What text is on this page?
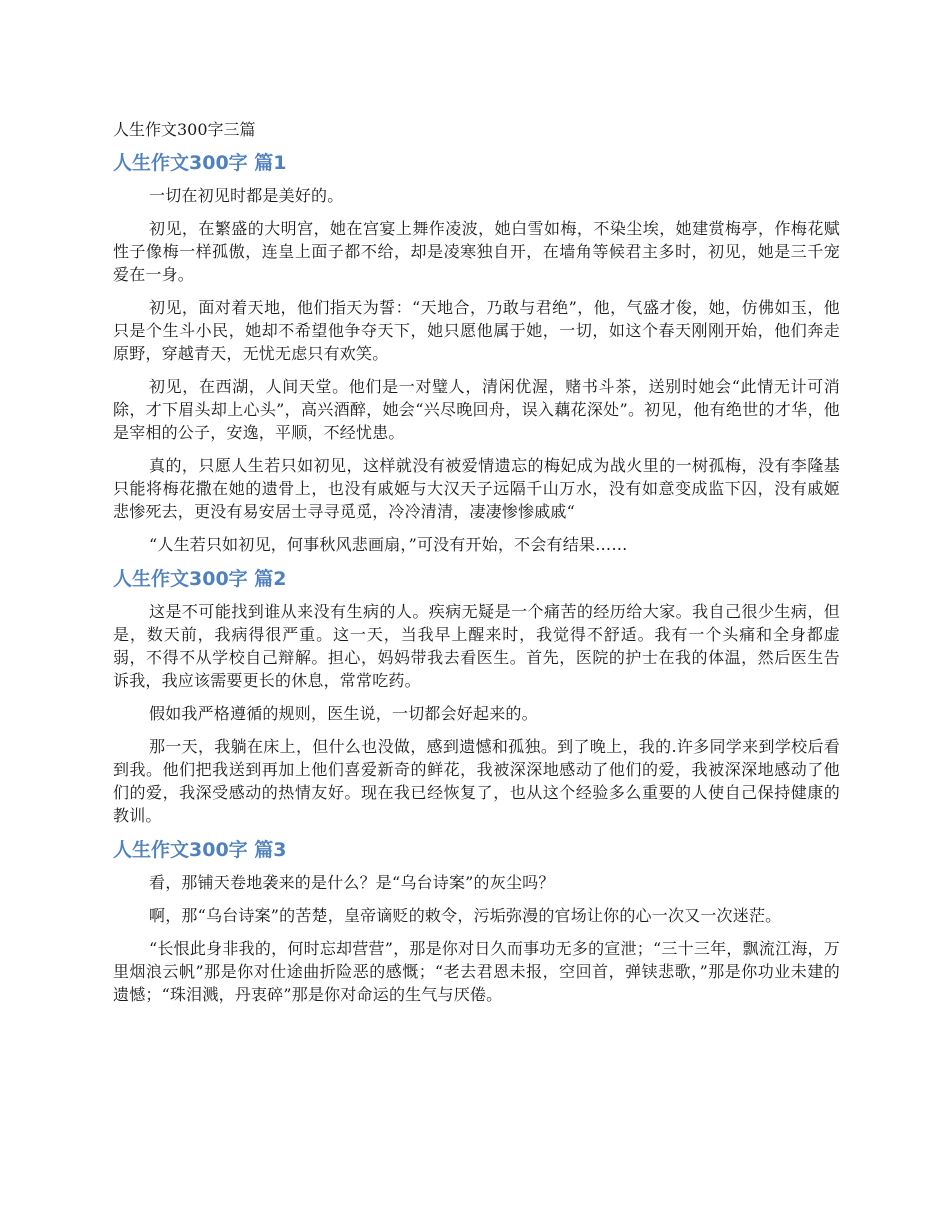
人生作文300字三篇
人生作文300字 篇1

一切在初见时都是美好的。

初见，在繁盛的大明宫，她在宫宴上舞作凌波，她白雪如梅，不染尘埃，她建赏梅亭，作梅花赋性子像梅一样孤傲，连皇上面子都不给，却是凌寒独自开，在墙角等候君主多时，初见，她是三千宠爱在一身。

初见，面对着天地，他们指天为誓：“天地合，乃敢与君绝”，他，气盛才俊，她，仿佛如玉，他只是个生斗小民，她却不希望他争夺天下，她只愿他属于她，一切，如这个春天刚刚开始，他们奔走原野，穿越青天，无忧无虑只有欢笑。

初见，在西湖，人间天堂。他们是一对璧人，清闲优渥，赌书斗茶，送别时她会“此情无计可消除，才下眉头却上心头”，高兴酒醉，她会“兴尽晚回舟，误入藕花深处”。初见，他有绝世的才华，他是宰相的公子，安逸，平顺，不经忧患。

真的，只愿人生若只如初见，这样就没有被爱情遗忘的梅妃成为战火里的一树孤梅，没有李隆基只能将梅花撒在她的遗骨上，也没有戚姬与大汉天子远隔千山万水，没有如意变成监下囚，没有戚姬悲惨死去，更没有易安居士寻寻觅觅，冷冷清清，凄凄惨惨戚戚“

“人生若只如初见，何事秋风悲画扇，”可没有开始，不会有结果……

人生作文300字 篇2

这是不可能找到谁从来没有生病的人。疾病无疑是一个痛苦的经历给大家。我自己很少生病，但是，数天前，我病得很严重。这一天，当我早上醒来时，我觉得不舒适。我有一个头痛和全身都虚弱，不得不从学校自己辩解。担心，妈妈带我去看医生。首先，医院的护士在我的体温，然后医生告诉我，我应该需要更长的休息，常常吃药。

假如我严格遵循的规则，医生说，一切都会好起来的。

那一天，我躺在床上，但什么也没做，感到遗憾和孤独。到了晚上，我的.许多同学来到学校后看到我。他们把我送到再加上他们喜爱新奇的鲜花，我被深深地感动了他们的爱，我被深深地感动了他们的爱，我深受感动的热情友好。现在我已经恢复了，也从这个经验多么重要的人使自己保持健康的教训。

人生作文300字 篇3

看，那铺天卷地袭来的是什么？是“乌台诗案”的灰尘吗？

啊，那“乌台诗案”的苦楚，皇帝谪贬的敕令，污垢弥漫的官场让你的心一次又一次迷茫。

“长恨此身非我的，何时忘却营营”，那是你对日久而事功无多的宣泄；“三十三年，飘流江海，万里烟浪云帆”那是你对仕途曲折险恶的感慨；“老去君恩未报，空回首，弹铗悲歌，”那是你功业未建的遗憾；“珠泪溅，丹衷碎”那是你对命运的生气与厌倦。
